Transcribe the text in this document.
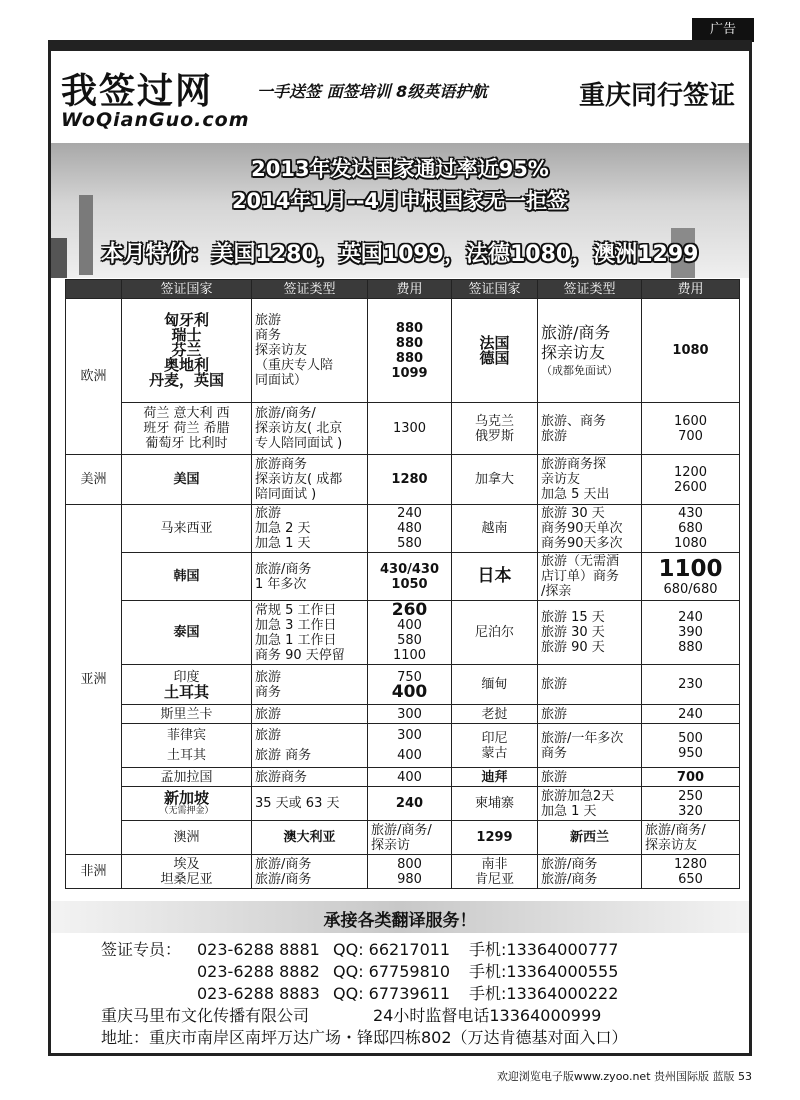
广告
我签过网
WoQianGuo.com
一手送签 面签培训 8级英语护航	重庆同行签证
2013年发达国家通过率近95%
2014年1月--4月申根国家无一拒签
本月特价：美国1280，英国1099，法德1080，澳洲1299
	签证国家	签证类型	费用	签证国家	签证类型	费用	
欧洲	匈牙利
瑞士
芬兰
奥地利
丹麦，英国	旅游
商务
探亲访友
（重庆专人陪
同面试）	880
880
880
1099	法国
德国	旅游/商务
探亲访友
（成都免面试）	1080	

	荷兰 意大利 西
班牙 荷兰 希腊
葡萄牙 比利时	旅游/商务/
探亲访友( 北京
专人陪同面试 )	1300	乌克兰
俄罗斯	旅游、商务
旅游	1600
700	

美洲	美国	旅游商务
探亲访友( 成都
陪同面试 )	1280	加拿大	旅游商务探
亲访友
加急 5 天出	1200
2600	

亚洲	马来西亚	旅游
加急 2 天
加急 1 天	240
480
580	越南	旅游 30 天
商务90天单次
商务90天多次	430
680
1080	

	韩国	旅游/商务
1 年多次	430/430
1050	日本	旅游（无需酒
店订单）商务
/探亲	1100
680/680	

	泰国	常规 5 工作日
加急 3 工作日
加急 1 工作日
商务 90 天停留	260
400
580
1100	尼泊尔	旅游 15 天
旅游 30 天
旅游 90 天	240
390
880	

	印度
土耳其	旅游
商务	750
400	缅甸	旅游	230	
	斯里兰卡	旅游	300	老挝	旅游	240	

	菲律宾
土耳其	旅游
旅游 商务	300
400	印尼
蒙古	旅游/一年多次
商务	500
950	

	孟加拉国	旅游商务	400	迪拜	旅游	700	

	新加坡
（无需押金）	35 天或 63 天	240	柬埔寨	旅游加急2天
加急 1 天	250
320	

	澳洲	澳大利亚	旅游/商务/
探亲访	1299	新西兰	旅游/商务/
探亲访友

非洲	埃及
坦桑尼亚	旅游/商务
旅游/商务	800
980	南非
肯尼亚	旅游/商务
旅游/商务	1280
650	
承接各类翻译服务！
签证专员： 023-6288 8881 QQ: 66217011 手机:13364000777
023-6288 8882 QQ: 67759810 手机:13364000555
023-6288 8883 QQ: 67739611 手机:13364000222
重庆马里布文化传播有限公司	24小时监督电话13364000999
地址：重庆市南岸区南坪万达广场・锋邸四栋802（万达肯德基对面入口）
欢迎浏览电子版www.zyoo.net 贵州国际版 蓝版 53
